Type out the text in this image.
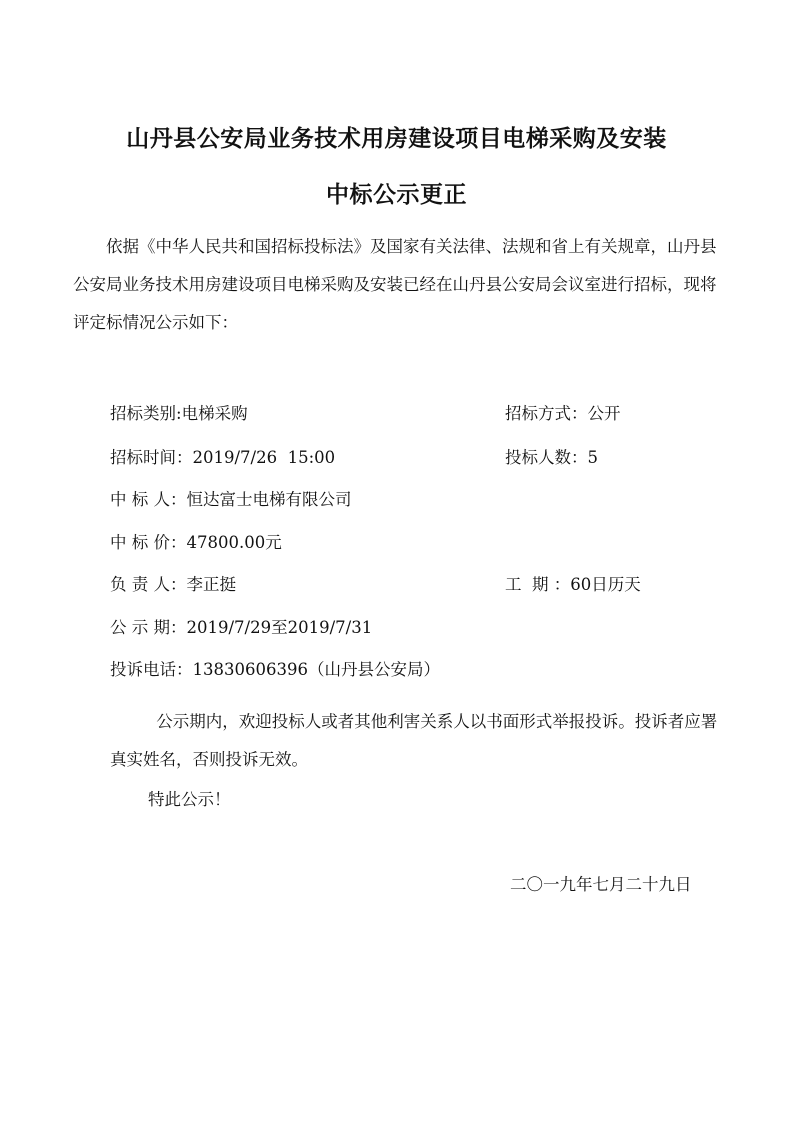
山丹县公安局业务技术用房建设项目电梯采购及安装
中标公示更正
依据《中华人民共和国招标投标法》及国家有关法律、法规和省上有关规章，山丹县公安局业务技术用房建设项目电梯采购及安装已经在山丹县公安局会议室进行招标，现将评定标情况公示如下：
招标类别:电梯采购	招标方式：公开
招标时间：2019/7/26  15:00	投标人数：5
中 标 人：恒达富士电梯有限公司
中 标 价：47800.00元
负 责 人：李正挺	工  期 ：60日历天
公 示 期：2019/7/29至2019/7/31
投诉电话：13830606396（山丹县公安局）
公示期内，欢迎投标人或者其他利害关系人以书面形式举报投诉。投诉者应署真实姓名，否则投诉无效。
特此公示！
二〇一九年七月二十九日
